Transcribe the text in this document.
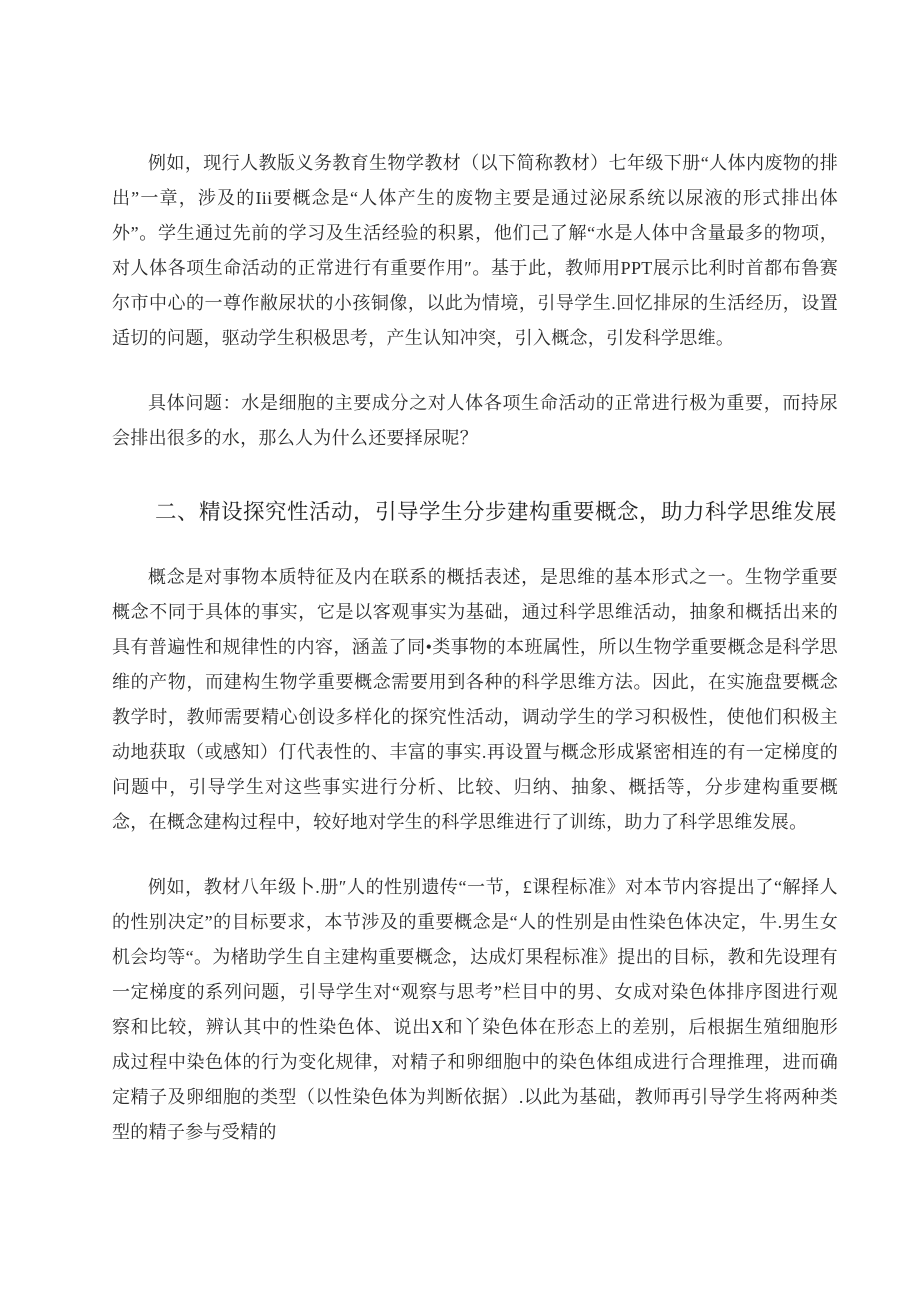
例如，现行人教版义务教育生物学教材（以下简称教材）七年级下册“人体内废物的排出”一章，涉及的Iii要概念是“人体产生的废物主要是通过泌尿系统以尿液的形式排出体外”。学生通过先前的学习及生活经验的积累，他们己了解“水是人体中含量最多的物项，对人体各项生命活动的正常进行有重要作用″。基于此，教师用PPT展示比利时首都布鲁赛尔市中心的一尊作敝尿状的小孩铜像，以此为情境，引导学生.回忆排尿的生活经历，设置适切的问题，驱动学生积极思考，产生认知冲突，引入概念，引发科学思维。

具体问题：水是细胞的主要成分之对人体各项生命活动的正常进行极为重要，而持尿会排出很多的水，那么人为什么还要择尿呢？

二、精设探究性活动，引导学生分步建构重要概念，助力科学思维发展

概念是对事物本质特征及内在联系的概括表述，是思维的基本形式之一。生物学重要概念不同于具体的事实，它是以客观事实为基础，通过科学思维活动，抽象和概括出来的具有普遍性和规律性的内容，涵盖了同•类事物的本班属性，所以生物学重要概念是科学思维的产物，而建构生物学重要概念需要用到各种的科学思维方法。因此，在实施盘要概念教学时，教师需要精心创设多样化的探究性活动，调动学生的学习积极性，使他们积极主动地获取（或感知）仃代表性的、丰富的事实.再设置与概念形成紧密相连的有一定梯度的问题中，引导学生对这些事实进行分析、比较、归纳、抽象、概括等，分步建构重要概念，在概念建构过程中，较好地对学生的科学思维进行了训练，助力了科学思维发展。

例如，教材八年级卜.册″人的性别遗传“一节，£课程标准》对本节内容提出了“解择人的性别决定”的目标要求，本节涉及的重要概念是“人的性别是由性染色体决定，牛.男生女机会均等“。为楮助学生自主建构重要概念，达成灯果程标准》提出的目标，教和先设理有一定梯度的系列问题，引导学生对“观察与思考”栏目中的男、女成对染色体排序图进行观察和比较，辨认其中的性染色体、说出X和丫染色体在形态上的差别，后根据生殖细胞形成过程中染色体的行为变化规律，对精子和卵细胞中的染色体组成进行合理推理，进而确定精子及卵细胞的类型（以性染色体为判断依据）.以此为基础，教师再引导学生将两种类型的精子参与受精的
